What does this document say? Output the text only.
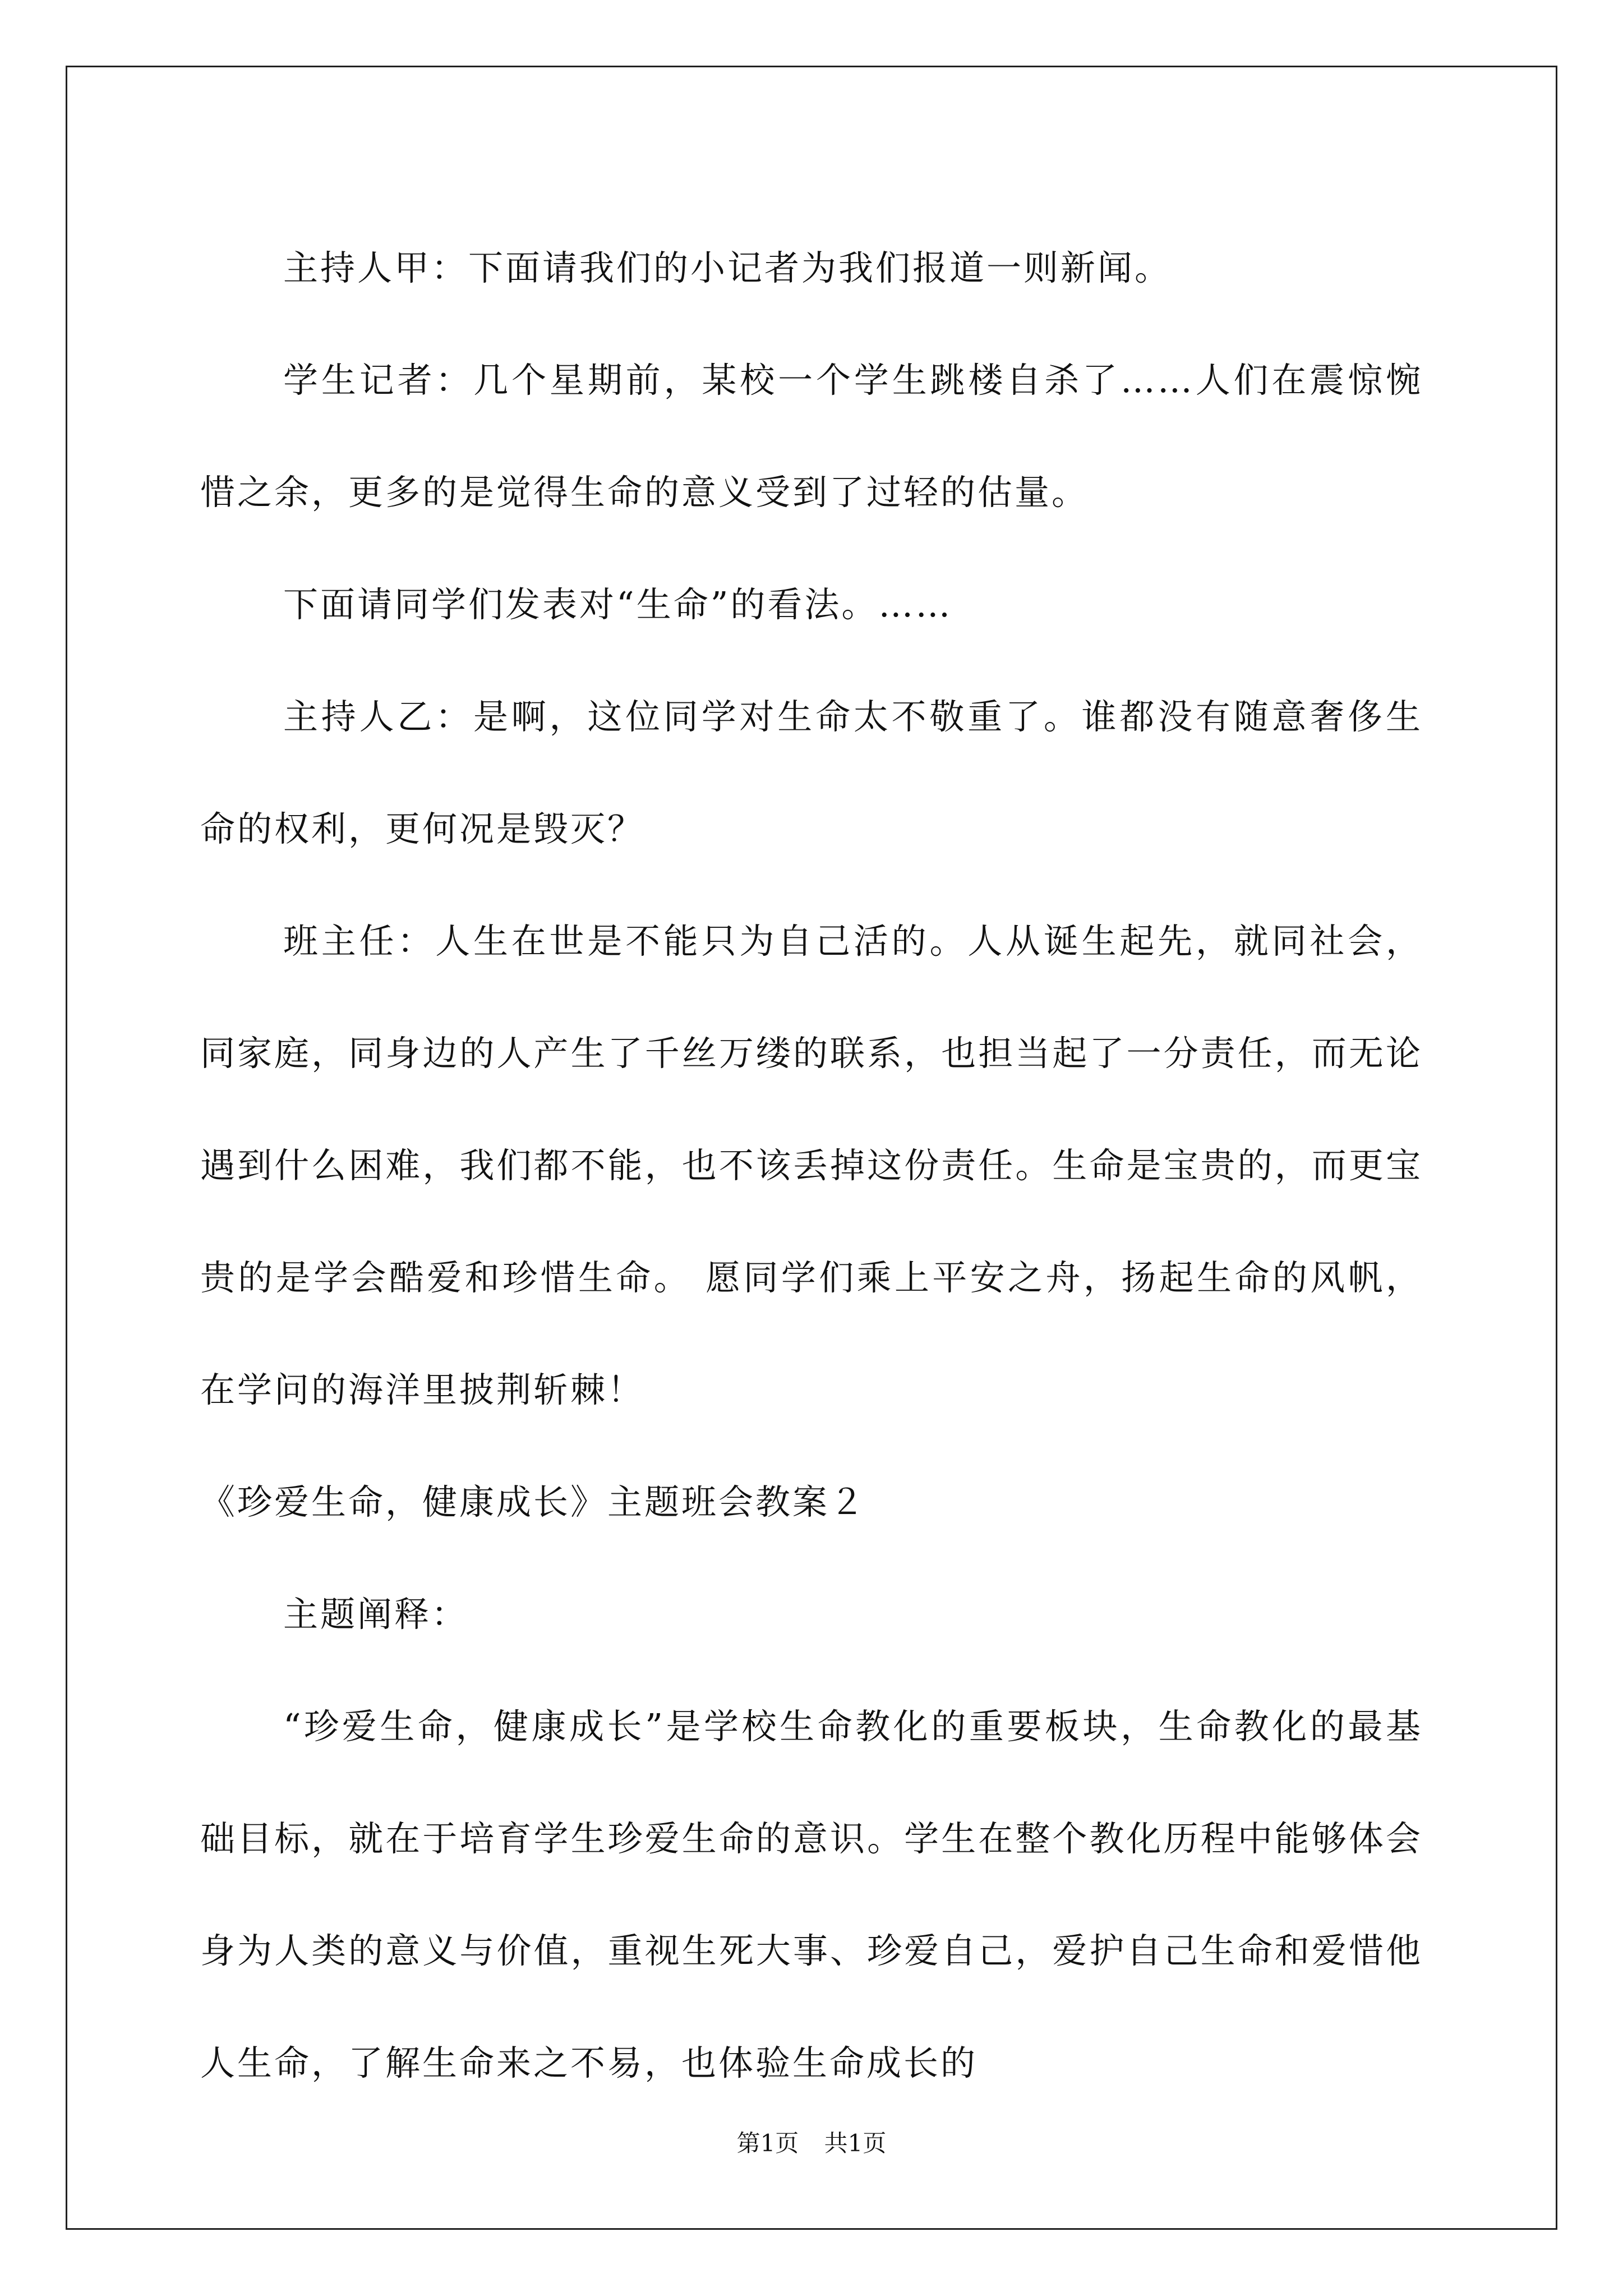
主持人甲：下面请我们的小记者为我们报道一则新闻。

学生记者：几个星期前，某校一个学生跳楼自杀了……人们在震惊惋惜之余，更多的是觉得生命的意义受到了过轻的估量。

下面请同学们发表对“生命”的看法。……

主持人乙：是啊，这位同学对生命太不敬重了。谁都没有随意奢侈生命的权利，更何况是毁灭？

班主任：人生在世是不能只为自己活的。人从诞生起先，就同社会，同家庭，同身边的人产生了千丝万缕的联系，也担当起了一分责任，而无论遇到什么困难，我们都不能，也不该丢掉这份责任。生命是宝贵的，而更宝贵的是学会酷爱和珍惜生命。 愿同学们乘上平安之舟，扬起生命的风帆，在学问的海洋里披荆斩棘！

《珍爱生命，健康成长》主题班会教案２

主题阐释：

“珍爱生命，健康成长”是学校生命教化的重要板块，生命教化的最基础目标，就在于培育学生珍爱生命的意识。学生在整个教化历程中能够体会身为人类的意义与价值，重视生死大事、珍爱自己，爱护自己生命和爱惜他人生命，了解生命来之不易，也体验生命成长的

第1页 共1页
